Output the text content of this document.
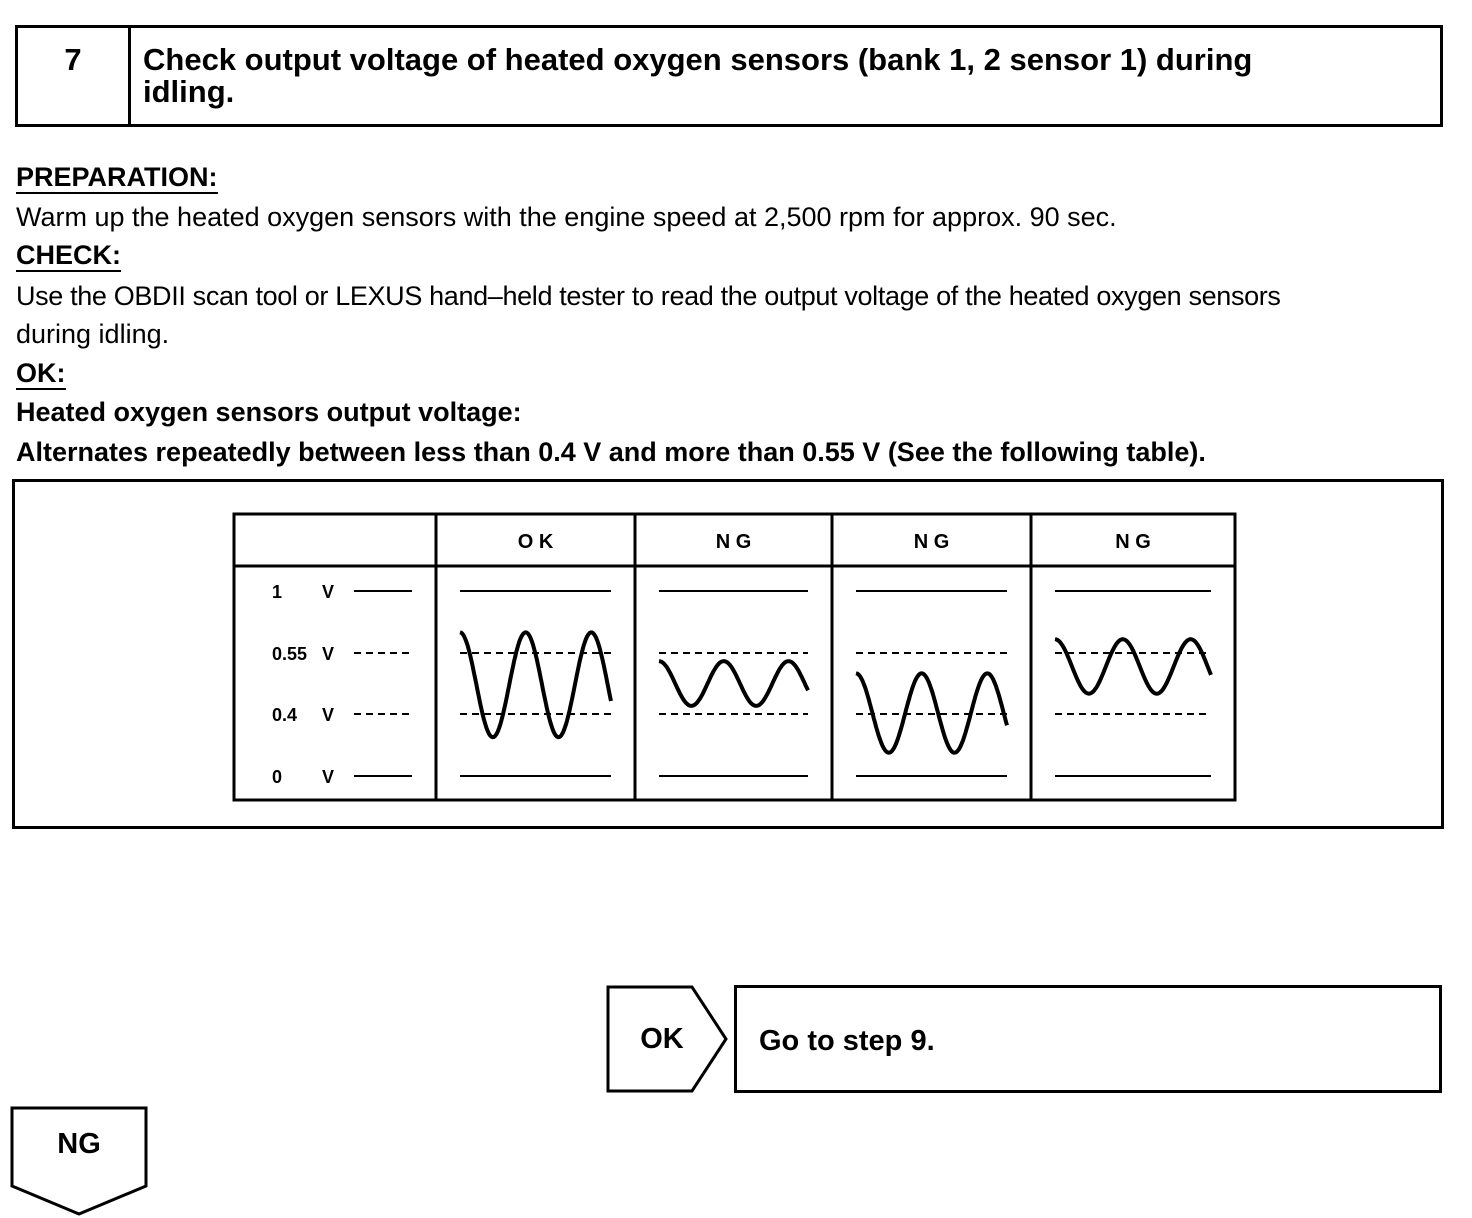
7	Check output voltage of heated oxygen sensors (bank 1, 2 sensor 1) during
idling.
PREPARATION:
Warm up the heated oxygen sensors with the engine speed at 2,500 rpm for approx. 90 sec.
CHECK:
Use the OBDII scan tool or LEXUS hand–held tester to read the output voltage of the heated oxygen sensors
during idling.
OK:
Heated oxygen sensors output voltage:
Alternates repeatedly between less than 0.4 V and more than 0.55 V (See the following table).
O K	N G	N G	N G
1 V
0.55 V
0.4 V
0 V
OK	Go to step 9.
NG
